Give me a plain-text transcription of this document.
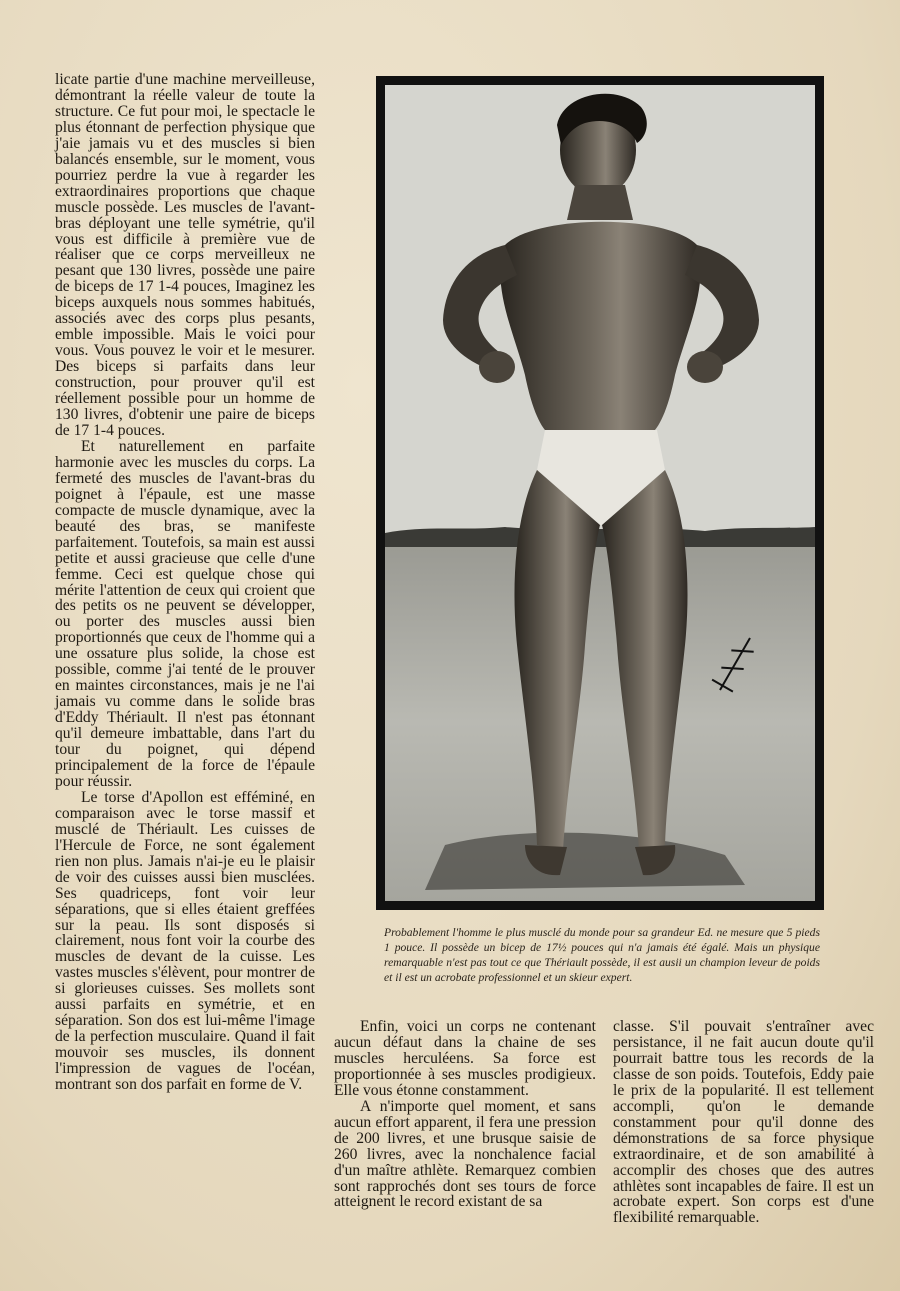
licate partie d'une machine merveilleuse, démontrant la réelle valeur de toute la structure. Ce fut pour moi, le spectacle le plus étonnant de perfection physique que j'aie jamais vu et des muscles si bien balancés ensemble, sur le moment, vous pourriez perdre la vue à regarder les extraordinaires proportions que chaque muscle possède. Les muscles de l'avant-bras déployant une telle symétrie, qu'il vous est difficile à première vue de réaliser que ce corps merveilleux ne pesant que 130 livres, possède une paire de biceps de 17 1-4 pouces, Imaginez les biceps auxquels nous sommes habitués, associés avec des corps plus pesants, emble impossible. Mais le voici pour vous. Vous pouvez le voir et le mesurer. Des biceps si parfaits dans leur construction, pour prouver qu'il est réellement possible pour un homme de 130 livres, d'obtenir une paire de biceps de 17 1-4 pouces.

Et naturellement en parfaite harmonie avec les muscles du corps. La fermeté des muscles de l'avant-bras du poignet à l'épaule, est une masse compacte de muscle dynamique, avec la beauté des bras, se manifeste parfaitement. Toutefois, sa main est aussi petite et aussi gracieuse que celle d'une femme. Ceci est quelque chose qui mérite l'attention de ceux qui croient que des petits os ne peuvent se développer, ou porter des muscles aussi bien proportionnés que ceux de l'homme qui a une ossature plus solide, la chose est possible, comme j'ai tenté de le prouver en maintes circonstances, mais je ne l'ai jamais vu comme dans le solide bras d'Eddy Thériault. Il n'est pas étonnant qu'il demeure imbattable, dans l'art du tour du poignet, qui dépend principalement de la force de l'épaule pour réussir.

Le torse d'Apollon est efféminé, en comparaison avec le torse massif et musclé de Thériault. Les cuisses de l'Hercule de Force, ne sont également rien non plus. Jamais n'ai-je eu le plaisir de voir des cuisses aussi bien musclées. Ses quadriceps, font voir leur séparations, que si elles étaient greffées sur la peau. Ils sont disposés si clairement, nous font voir la courbe des muscles de devant de la cuisse. Les vastes muscles s'élèvent, pour montrer de si glorieuses cuisses. Ses mollets sont aussi parfaits en symétrie, et en séparation. Son dos est lui-même l'image de la perfection musculaire. Quand il fait mouvoir ses muscles, ils donnent l'impression de vagues de l'océan, montrant son dos parfait en forme de V.

Probablement l'homme le plus musclé du monde pour sa grandeur Ed. ne mesure que 5 pieds 1 pouce. Il possède un bicep de 17½ pouces qui n'a jamais été égalé. Mais un physique remarquable n'est pas tout ce que Thériault possède, il est ausii un champion leveur de poids et il est un acrobate professionnel et un skieur expert.

Enfin, voici un corps ne contenant aucun défaut dans la chaine de ses muscles herculéens. Sa force est proportionnée à ses muscles prodigieux. Elle vous étonne constamment.

A n'importe quel moment, et sans aucun effort apparent, il fera une pression de 200 livres, et une brusque saisie de 260 livres, avec la nonchalence facial d'un maître athlète. Remarquez combien sont rapprochés dont ses tours de force atteignent le record existant de sa

classe. S'il pouvait s'entraîner avec persistance, il ne fait aucun doute qu'il pourrait battre tous les records de la classe de son poids. Toutefois, Eddy paie le prix de la popularité. Il est tellement accompli, qu'on le demande constamment pour qu'il donne des démonstrations de sa force physique extraordinaire, et de son amabilité à accomplir des choses que des autres athlètes sont incapables de faire. Il est un acrobate expert. Son corps est d'une flexibilité remarquable.
